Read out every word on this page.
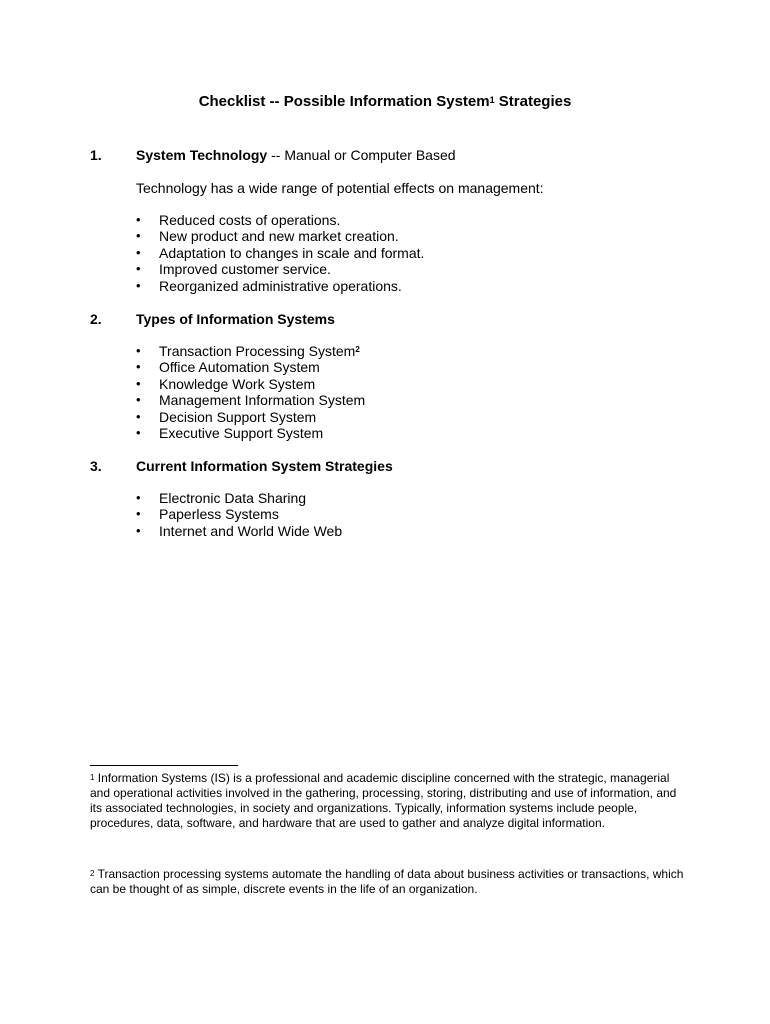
Checklist -- Possible Information System$^1$ Strategies
1. System Technology -- Manual or Computer Based
Technology has a wide range of potential effects on management:
• Reduced costs of operations.
• New product and new market creation.
• Adaptation to changes in scale and format.
• Improved customer service.
• Reorganized administrative operations.
2. Types of Information Systems
• Transaction Processing System$^2$
• Office Automation System
• Knowledge Work System
• Management Information System
• Decision Support System
• Executive Support System
3. Current Information System Strategies
• Electronic Data Sharing
• Paperless Systems
• Internet and World Wide Web
$^1$ Information Systems (IS) is a professional and academic discipline concerned with the strategic, managerial and operational activities involved in the gathering, processing, storing, distributing and use of information, and its associated technologies, in society and organizations. Typically, information systems include people, procedures, data, software, and hardware that are used to gather and analyze digital information.
$^2$ Transaction processing systems automate the handling of data about business activities or transactions, which can be thought of as simple, discrete events in the life of an organization.
